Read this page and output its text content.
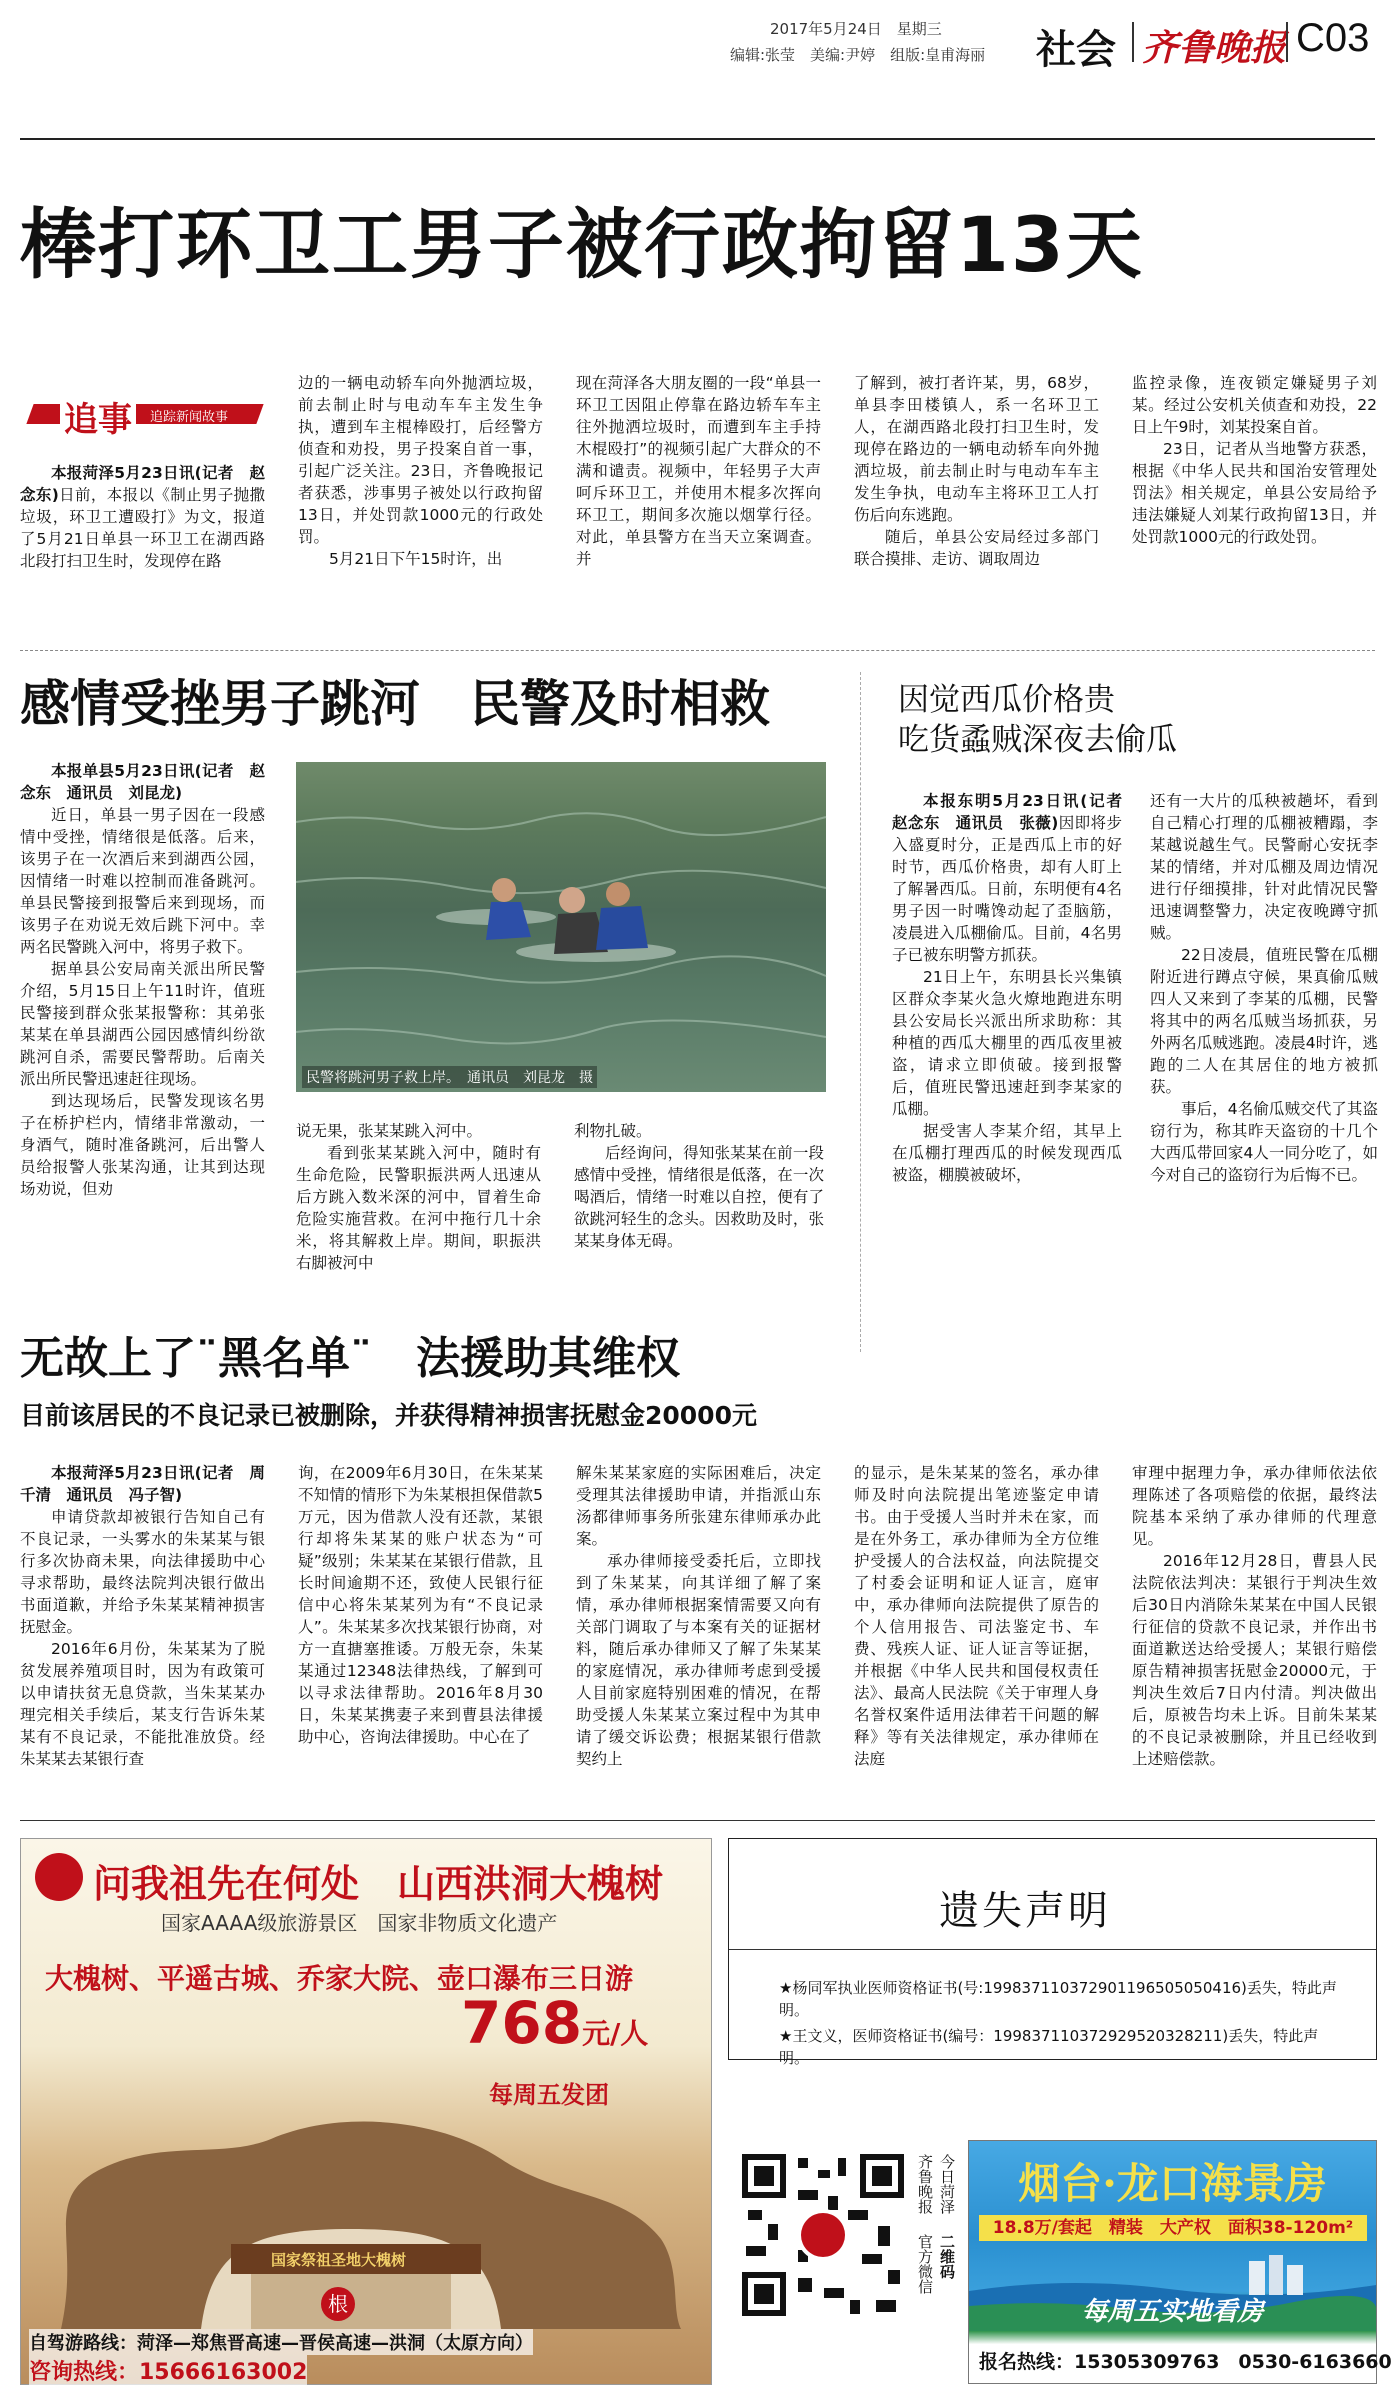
2017年5月24日　星期三
编辑:张莹　美编:尹婷　组版:皇甫海丽 社会 齐鲁晚报 C03
棒打环卫工男子被行政拘留13天
追事	追踪新闻故事

本报菏泽5月23日讯(记者　赵念东)日前，本报以《制止男子抛撒垃圾，环卫工遭殴打》为文，报道了5月21日单县一环卫工在湖西路北段打扫卫生时，发现停在路

边的一辆电动轿车向外抛洒垃圾，前去制止时与电动车车主发生争执，遭到车主棍棒殴打，后经警方侦查和劝投，男子投案自首一事，引起广泛关注。23日，齐鲁晚报记者获悉，涉事男子被处以行政拘留13日，并处罚款1000元的行政处罚。

5月21日下午15时许，出

现在菏泽各大朋友圈的一段“单县一环卫工因阻止停靠在路边轿车车主往外抛洒垃圾时，而遭到车主手持木棍殴打”的视频引起广大群众的不满和谴责。视频中，年轻男子大声呵斥环卫工，并使用木棍多次挥向环卫工，期间多次施以烟掌行径。对此，单县警方在当天立案调查。并

了解到，被打者许某，男，68岁，单县李田楼镇人，系一名环卫工人，在湖西路北段打扫卫生时，发现停在路边的一辆电动轿车向外抛洒垃圾，前去制止时与电动车车主发生争执，电动车主将环卫工人打伤后向东逃跑。

随后，单县公安局经过多部门联合摸排、走访、调取周边

监控录像，连夜锁定嫌疑男子刘某。经过公安机关侦查和劝投，22日上午9时，刘某投案自首。

23日，记者从当地警方获悉，根据《中华人民共和国治安管理处罚法》相关规定，单县公安局给予违法嫌疑人刘某行政拘留13日，并处罚款1000元的行政处罚。

感情受挫男子跳河　民警及时相救

本报单县5月23日讯(记者　赵念东　通讯员　刘昆龙)

近日，单县一男子因在一段感情中受挫，情绪很是低落。后来，该男子在一次酒后来到湖西公园，因情绪一时难以控制而准备跳河。单县民警接到报警后来到现场，而该男子在劝说无效后跳下河中。幸两名民警跳入河中，将男子救下。

据单县公安局南关派出所民警介绍，5月15日上午11时许，值班民警接到群众张某报警称：其弟张某某在单县湖西公园因感情纠纷欲跳河自杀，需要民警帮助。后南关派出所民警迅速赶往现场。

到达现场后，民警发现该名男子在桥护栏内，情绪非常激动，一身酒气，随时准备跳河，后出警人员给报警人张某沟通，让其到达现场劝说，但劝

民警将跳河男子救上岸。　通讯员　刘昆龙　摄

说无果，张某某跳入河中。

看到张某某跳入河中，随时有生命危险，民警职振洪两人迅速从后方跳入数米深的河中，冒着生命危险实施营救。在河中拖行几十余米，将其解救上岸。期间，职振洪右脚被河中

利物扎破。

后经询问，得知张某某在前一段感情中受挫，情绪很是低落，在一次喝酒后，情绪一时难以自控，便有了欲跳河轻生的念头。因救助及时，张某某身体无碍。

因觉西瓜价格贵
吃货蟊贼深夜去偷瓜

本报东明5月23日讯(记者　赵念东　通讯员　张薇)因即将步入盛夏时分，正是西瓜上市的好时节，西瓜价格贵，却有人盯上了解暑西瓜。日前，东明便有4名男子因一时嘴馋动起了歪脑筋，凌晨进入瓜棚偷瓜。目前，4名男子已被东明警方抓获。

21日上午，东明县长兴集镇区群众李某火急火燎地跑进东明县公安局长兴派出所求助称：其种植的西瓜大棚里的西瓜夜里被盗，请求立即侦破。接到报警后，值班民警迅速赶到李某家的瓜棚。

据受害人李某介绍，其早上在瓜棚打理西瓜的时候发现西瓜被盗，棚膜被破坏，

还有一大片的瓜秧被趟坏，看到自己精心打理的瓜棚被糟蹋，李某越说越生气。民警耐心安抚李某的情绪，并对瓜棚及周边情况进行仔细摸排，针对此情况民警迅速调整警力，决定夜晚蹲守抓贼。

22日凌晨，值班民警在瓜棚附近进行蹲点守候，果真偷瓜贼四人又来到了李某的瓜棚，民警将其中的两名瓜贼当场抓获，另外两名瓜贼逃跑。凌晨4时许，逃跑的二人在其居住的地方被抓获。

事后，4名偷瓜贼交代了其盗窃行为，称其昨天盗窃的十几个大西瓜带回家4人一同分吃了，如今对自己的盗窃行为后悔不已。

无故上了¨黑名单¨　法援助其维权
目前该居民的不良记录已被删除，并获得精神损害抚慰金20000元

本报菏泽5月23日讯(记者　周千清　通讯员　冯子智)

申请贷款却被银行告知自己有不良记录，一头雾水的朱某某与银行多次协商未果，向法律援助中心寻求帮助，最终法院判决银行做出书面道歉，并给予朱某某精神损害抚慰金。

2016年6月份，朱某某为了脱贫发展养殖项目时，因为有政策可以申请扶贫无息贷款，当朱某某办理完相关手续后，某支行告诉朱某某有不良记录，不能批准放贷。经朱某某去某银行查

询，在2009年6月30日，在朱某某不知情的情形下为朱某根担保借款5万元，因为借款人没有还款，某银行却将朱某某的账户状态为“可疑”级别；朱某某在某银行借款，且长时间逾期不还，致使人民银行征信中心将朱某某列为有“不良记录人”。朱某某多次找某银行协商，对方一直搪塞推诿。万般无奈，朱某某通过12348法律热线，了解到可以寻求法律帮助。2016年8月30日，朱某某携妻子来到曹县法律援助中心，咨询法律援助。中心在了

解朱某某家庭的实际困难后，决定受理其法律援助申请，并指派山东汤都律师事务所张建东律师承办此案。

承办律师接受委托后，立即找到了朱某某，向其详细了解了案情，承办律师根据案情需要又向有关部门调取了与本案有关的证据材料，随后承办律师又了解了朱某某的家庭情况，承办律师考虑到受援人目前家庭特别困难的情况，在帮助受援人朱某某立案过程中为其申请了缓交诉讼费；根据某银行借款契约上

的显示，是朱某某的签名，承办律师及时向法院提出笔迹鉴定申请书。由于受援人当时并未在家，而是在外务工，承办律师为全方位维护受援人的合法权益，向法院提交了村委会证明和证人证言，庭审中，承办律师向法院提供了原告的个人信用报告、司法鉴定书、车费、残疾人证、证人证言等证据，并根据《中华人民共和国侵权责任法》、最高人民法院《关于审理人身名誉权案件适用法律若干问题的解释》等有关法律规定，承办律师在法庭

审理中据理力争，承办律师依法依理陈述了各项赔偿的依据，最终法院基本采纳了承办律师的代理意见。

2016年12月28日，曹县人民法院依法判决：某银行于判决生效后30日内消除朱某某在中国人民银行征信的贷款不良记录，并作出书面道歉送达给受援人；某银行赔偿原告精神损害抚慰金20000元，于判决生效后7日内付清。判决做出后，原被告均未上诉。目前朱某某的不良记录被删除，并且已经收到上述赔偿款。

问我祖先在何处　山西洪洞大槐树
国家AAAA级旅游景区　国家非物质文化遗产
大槐树、平遥古城、乔家大院、壶口瀑布三日游
768元/人
每周五发团
国家祭祖圣地大槐树
根
自驾游路线：菏泽—郑焦晋高速—晋侯高速—洪洞（太原方向）
咨询热线：15666163002
遗失声明
★杨同军执业医师资格证书(号:199837110372901196505050416)丢失，特此声明。
★王文义，医师资格证书(编号：199837110372929520328211)丢失，特此声明。
齐鲁晚报
官方微信
今日菏泽
二维码
烟台·龙口海景房
18.8万/套起　精装　大产权　面积38-120m²
每周五实地看房
报名热线：15305309763　0530-6163660
